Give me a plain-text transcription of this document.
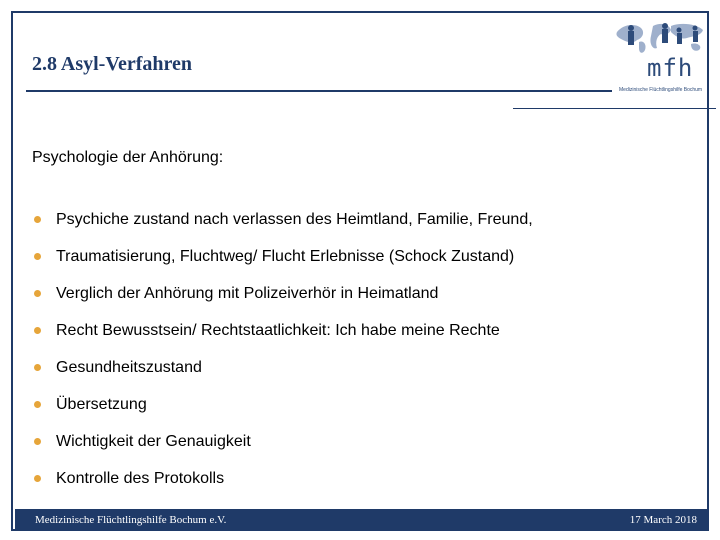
2.8 Asyl-Verfahren	mfh
Medizinische Flüchtlingshilfe Bochum
Psychologie der Anhörung:
Psychiche zustand nach verlassen des Heimtland, Familie, Freund,
Traumatisierung, Fluchtweg/ Flucht Erlebnisse (Schock Zustand)
Verglich der Anhörung mit Polizeiverhör in Heimatland
Recht Bewusstsein/ Rechtstaatlichkeit: Ich habe meine Rechte
Gesundheitszustand
Übersetzung
Wichtigkeit der Genauigkeit
Kontrolle des Protokolls
Medizinische Flüchtlingshilfe Bochum e.V.	17 March 2018
